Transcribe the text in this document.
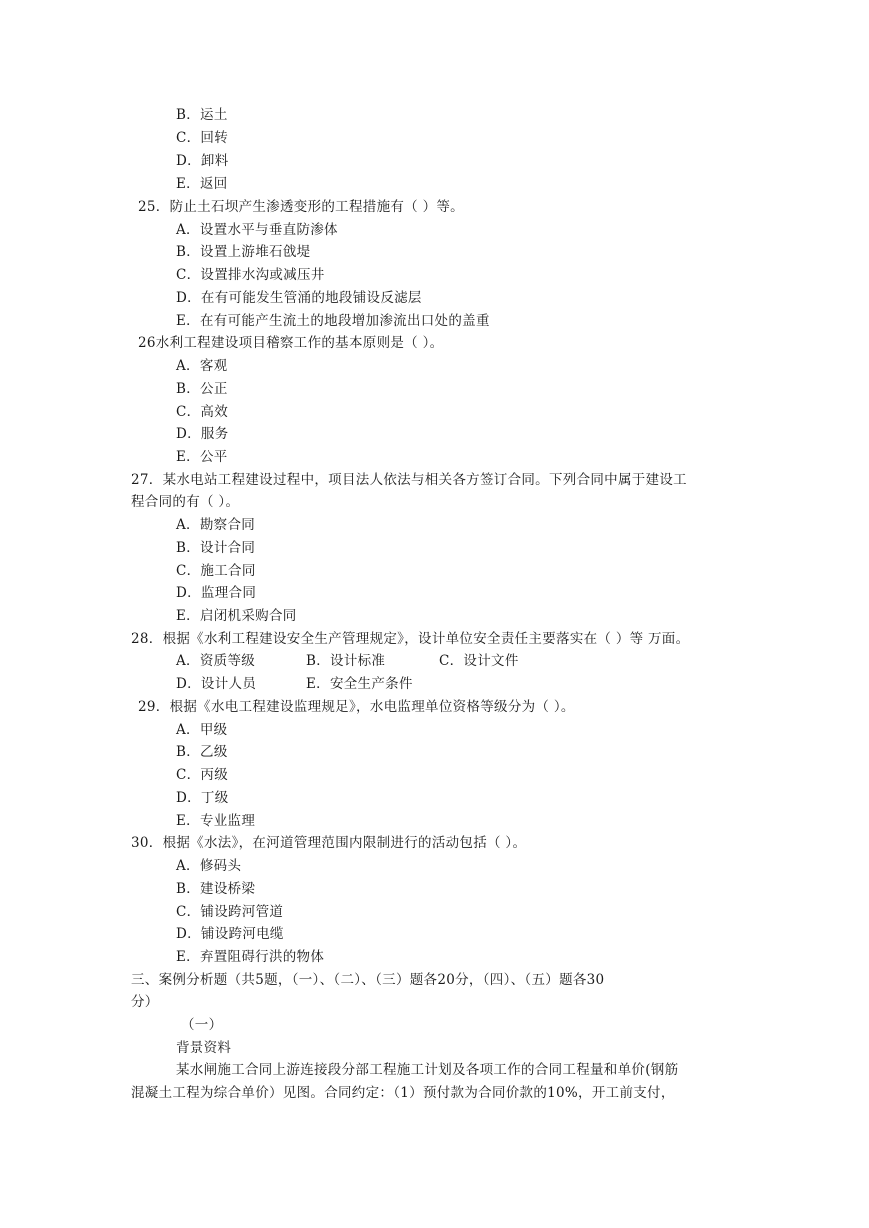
B．运土
C．回转
D．卸料
E．返回
25．防止土石坝产生渗透变形的工程措施有（ ）等。
A．设置水平与垂直防渗体
B．设置上游堆石戗堤
C．设置排水沟或减压井
D．在有可能发生管涌的地段铺设反滤层
E．在有可能产生流土的地段增加渗流出口处的盖重
26水利工程建设项目稽察工作的基本原则是（ ）。
A．客观
B．公正
C．高效
D．服务
E．公平
27．某水电站工程建设过程中，项目法人依法与相关各方签订合同。下列合同中属于建设工
程合同的有（ ）。
A．勘察合同
B．设计合同
C．施工合同
D．监理合同
E．启闭机采购合同
28．根据《水利工程建设安全生产管理规定》，设计单位安全责任主要落实在（ ）等 万面。
A．资质等级	B．设计标准	C．设计文件
D．设计人员	E．安全生产条件
29．根据《水电工程建设监理规足》，水电监理单位资格等级分为（ ）。
A．甲级
B．乙级
C．丙级
D．丁级
E．专业监理
30．根据《水法》，在河道管理范围内限制进行的活动包括（ ）。
A．修码头
B．建设桥梁
C．铺设跨河管道
D．铺设跨河电缆
E．弃置阻碍行洪的物体
三、案例分析题（共5题，（一）、（二）、（三）题各20分，（四）、（五）题各30
分）
（一）
背景资料
某水闸施工合同上游连接段分部工程施工计划及各项工作的合同工程量和单价(钢筋
混凝土工程为综合单价）见图。合同约定：（1）预付款为合同价款的10%，开工前支付，
